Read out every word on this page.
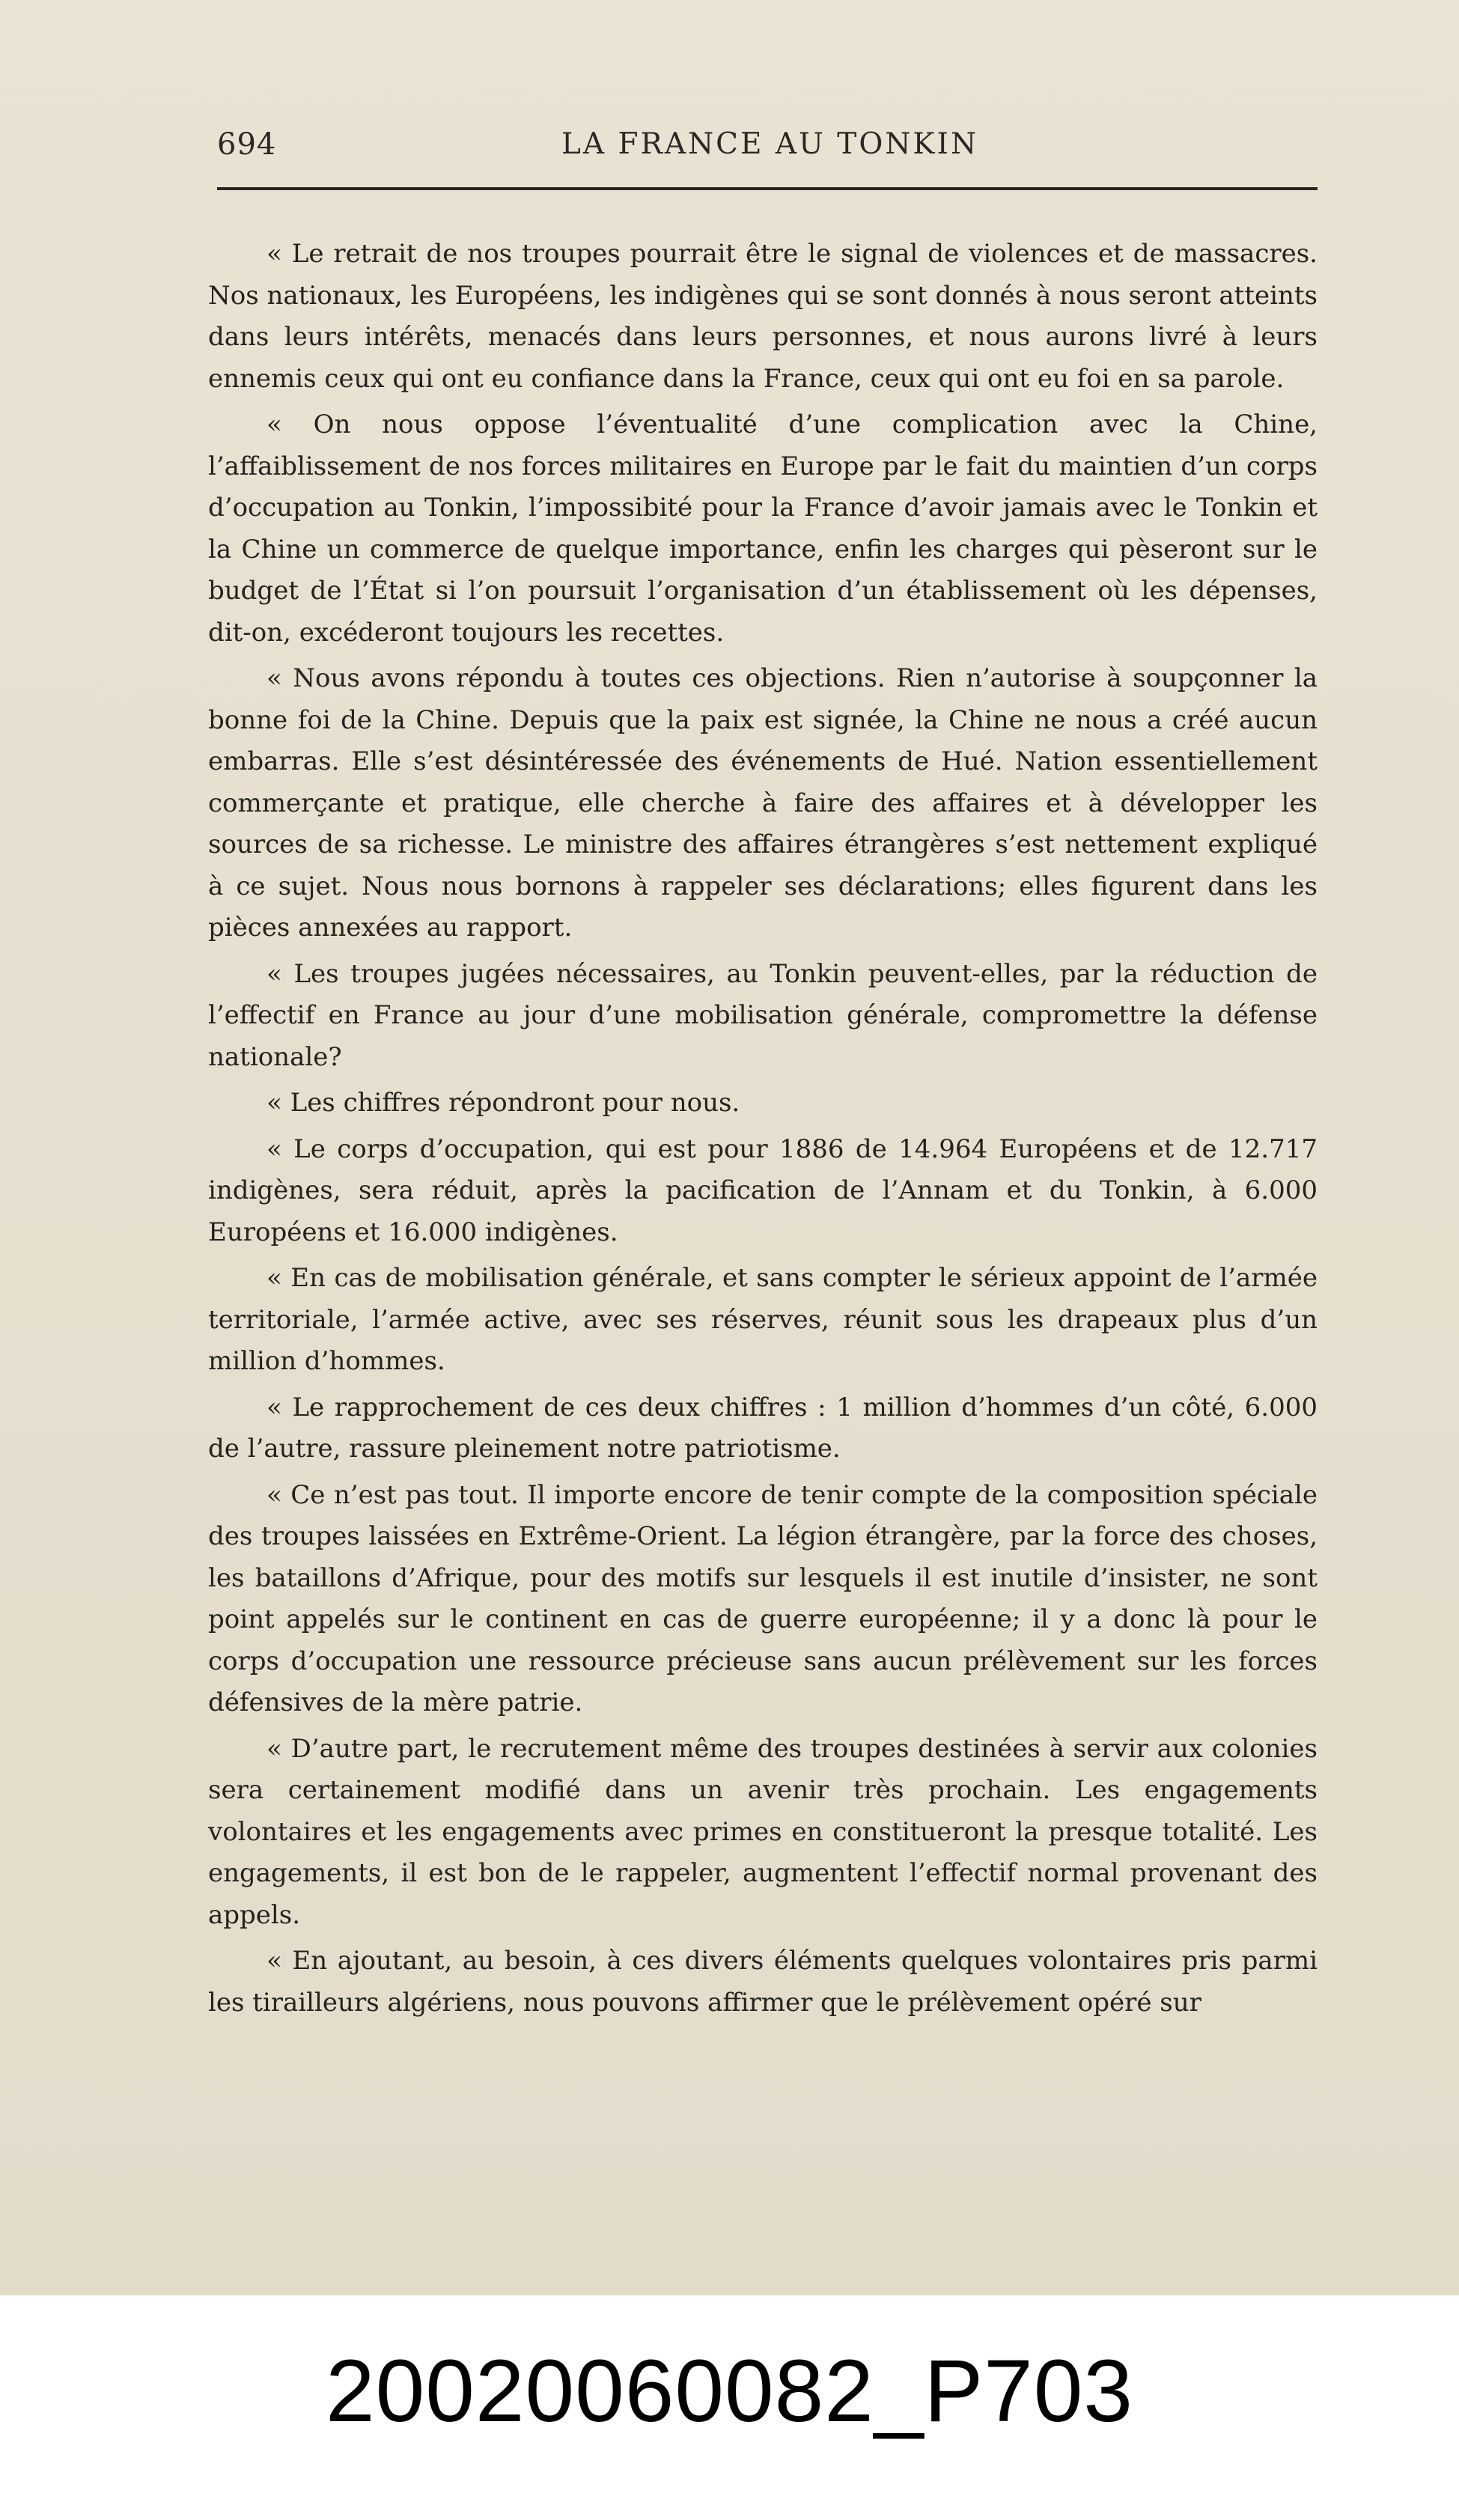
694	LA FRANCE AU TONKIN

« Le retrait de nos troupes pourrait être le signal de violences et de massacres. Nos nationaux, les Européens, les indigènes qui se sont donnés à nous seront atteints dans leurs intérêts, menacés dans leurs personnes, et nous aurons livré à leurs ennemis ceux qui ont eu confiance dans la France, ceux qui ont eu foi en sa parole.

« On nous oppose l’éventualité d’une complication avec la Chine, l’affaiblissement de nos forces militaires en Europe par le fait du maintien d’un corps d’occupation au Tonkin, l’impossibité pour la France d’avoir jamais avec le Tonkin et la Chine un commerce de quelque importance, enfin les charges qui pèseront sur le budget de l’État si l’on poursuit l’organisation d’un établissement où les dépenses, dit-on, excéderont toujours les recettes.

« Nous avons répondu à toutes ces objections. Rien n’autorise à soupçonner la bonne foi de la Chine. Depuis que la paix est signée, la Chine ne nous a créé aucun embarras. Elle s’est désintéressée des événements de Hué. Nation essentiellement commerçante et pratique, elle cherche à faire des affaires et à développer les sources de sa richesse. Le ministre des affaires étrangères s’est nettement expliqué à ce sujet. Nous nous bornons à rappeler ses déclarations; elles figurent dans les pièces annexées au rapport.

« Les troupes jugées nécessaires, au Tonkin peuvent-elles, par la réduction de l’effectif en France au jour d’une mobilisation générale, compromettre la défense nationale?

« Les chiffres répondront pour nous.

« Le corps d’occupation, qui est pour 1886 de 14.964 Européens et de 12.717 indigènes, sera réduit, après la pacification de l’Annam et du Tonkin, à 6.000 Européens et 16.000 indigènes.

« En cas de mobilisation générale, et sans compter le sérieux appoint de l’armée territoriale, l’armée active, avec ses réserves, réunit sous les drapeaux plus d’un million d’hommes.

« Le rapprochement de ces deux chiffres : 1 million d’hommes d’un côté, 6.000 de l’autre, rassure pleinement notre patriotisme.

« Ce n’est pas tout. Il importe encore de tenir compte de la composition spéciale des troupes laissées en Extrême-Orient. La légion étrangère, par la force des choses, les bataillons d’Afrique, pour des motifs sur lesquels il est inutile d’insister, ne sont point appelés sur le continent en cas de guerre européenne; il y a donc là pour le corps d’occupation une ressource précieuse sans aucun prélèvement sur les forces défensives de la mère patrie.

« D’autre part, le recrutement même des troupes destinées à servir aux colonies sera certainement modifié dans un avenir très prochain. Les engagements volontaires et les engagements avec primes en constitueront la presque totalité. Les engagements, il est bon de le rappeler, augmentent l’effectif normal provenant des appels.

« En ajoutant, au besoin, à ces divers éléments quelques volontaires pris parmi les tirailleurs algériens, nous pouvons affirmer que le prélèvement opéré sur

20020060082_P703
